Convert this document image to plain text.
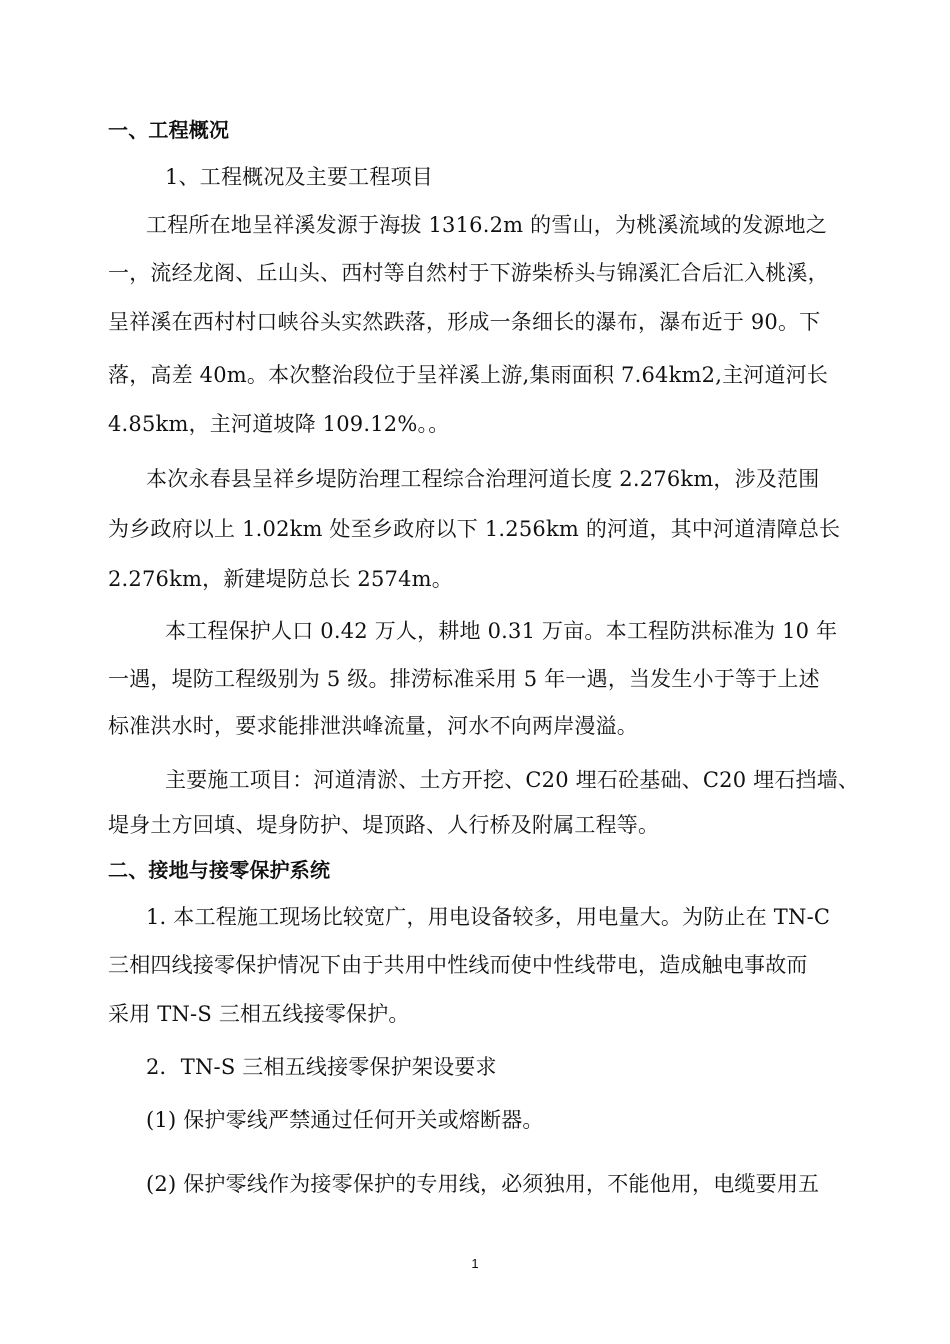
一、工程概况
1、工程概况及主要工程项目
工程所在地呈祥溪发源于海拔 1316.2m 的雪山，为桃溪流域的发源地之
一，流经龙阁、丘山头、西村等自然村于下游柴桥头与锦溪汇合后汇入桃溪，
呈祥溪在西村村口峡谷头实然跌落，形成一条细长的瀑布，瀑布近于 90。下
落，高差 40m。本次整治段位于呈祥溪上游,集雨面积 7.64km2,主河道河长
4.85km，主河道坡降 109.12%。。
本次永春县呈祥乡堤防治理工程综合治理河道长度 2.276km，涉及范围
为乡政府以上 1.02km 处至乡政府以下 1.256km 的河道，其中河道清障总长
2.276km，新建堤防总长 2574m。
本工程保护人口 0.42 万人，耕地 0.31 万亩。本工程防洪标准为 10 年
一遇，堤防工程级别为 5 级。排涝标准采用 5 年一遇，当发生小于等于上述
标准洪水时，要求能排泄洪峰流量，河水不向两岸漫溢。
主要施工项目：河道清淤、土方开挖、C20 埋石砼基础、C20 埋石挡墙、
堤身土方回填、堤身防护、堤顶路、人行桥及附属工程等。
二、接地与接零保护系统
1. 本工程施工现场比较宽广，用电设备较多，用电量大。为防止在 TN-C
三相四线接零保护情况下由于共用中性线而使中性线带电，造成触电事故而
采用 TN-S 三相五线接零保护。
2．TN-S 三相五线接零保护架设要求
(1) 保护零线严禁通过任何开关或熔断器。
(2) 保护零线作为接零保护的专用线，必须独用，不能他用，电缆要用五
1
